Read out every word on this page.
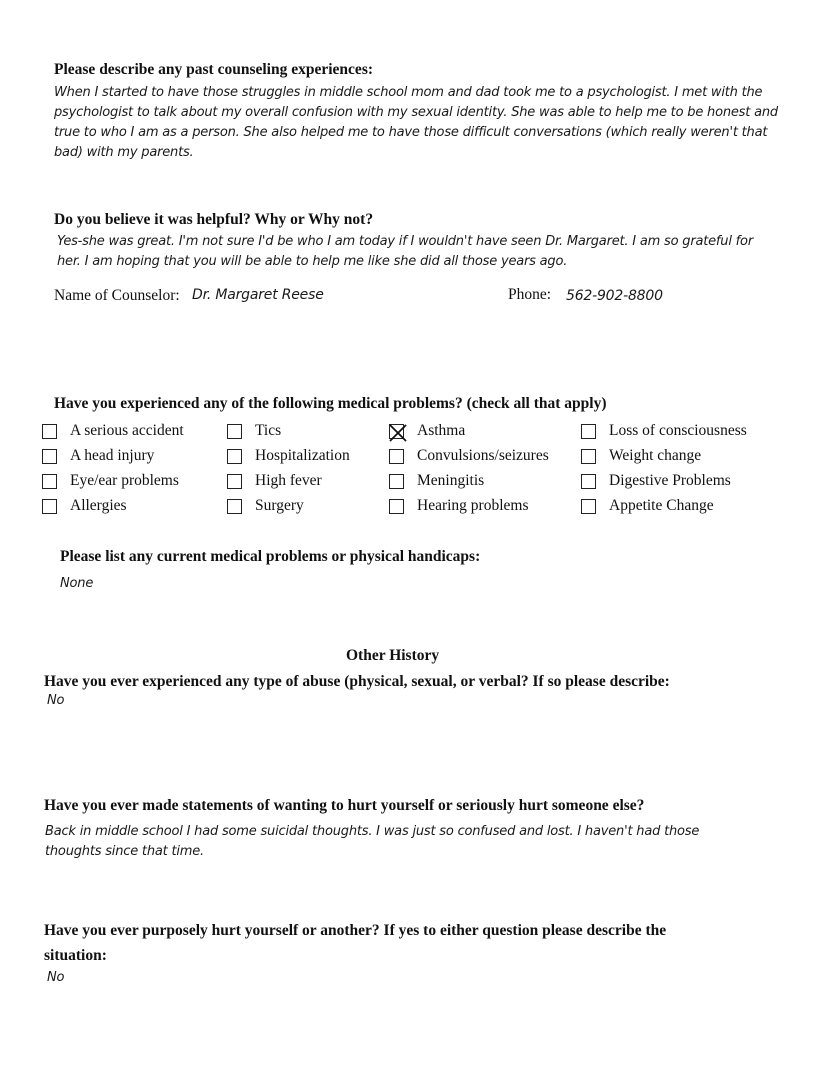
Please describe any past counseling experiences:
When I started to have those struggles in middle school mom and dad took me to a psychologist. I met with the
psychologist to talk about my overall confusion with my sexual identity. She was able to help me to be honest and
true to who I am as a person. She also helped me to have those difficult conversations (which really weren't that
bad) with my parents.
Do you believe it was helpful? Why or Why not?
Yes-she was great. I'm not sure I'd be who I am today if I wouldn't have seen Dr. Margaret. I am so grateful for
her. I am hoping that you will be able to help me like she did all those years ago.
Name of Counselor: Dr. Margaret Reese	Phone: 562-902-8800
Have you experienced any of the following medical problems? (check all that apply)
A serious accident
A head injury
Eye/ear problems
Allergies
Tics
Hospitalization
High fever
Surgery
Asthma
Convulsions/seizures
Meningitis
Hearing problems
Loss of consciousness
Weight change
Digestive Problems
Appetite Change
Please list any current medical problems or physical handicaps:
None
Other History
Have you ever experienced any type of abuse (physical, sexual, or verbal? If so please describe:
No
Have you ever made statements of wanting to hurt yourself or seriously hurt someone else?
Back in middle school I had some suicidal thoughts. I was just so confused and lost. I haven't had those
thoughts since that time.
Have you ever purposely hurt yourself or another? If yes to either question please describe the
situation:
No
